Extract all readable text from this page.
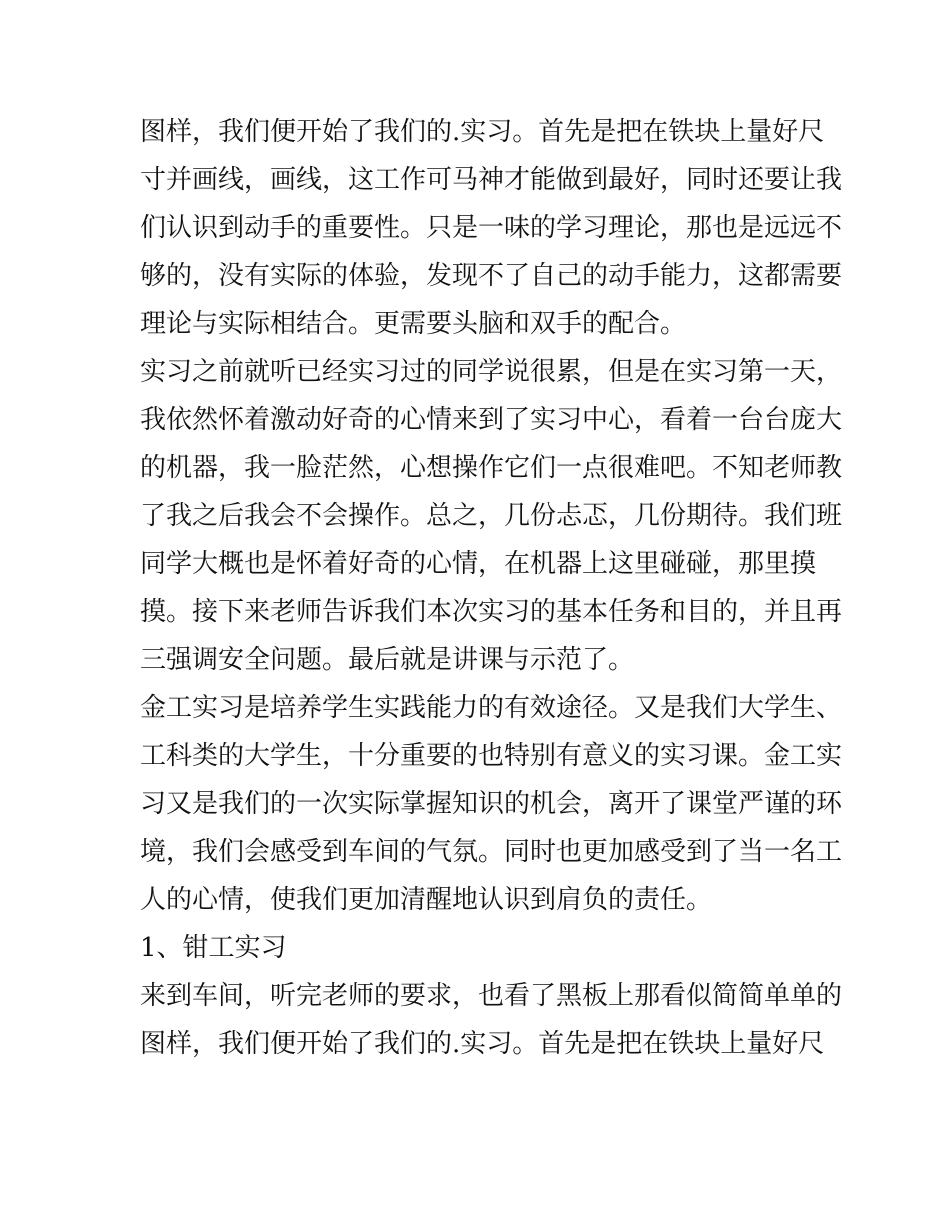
图样，我们便开始了我们的.实习。首先是把在铁块上量好尺

寸并画线，画线，这工作可马神才能做到最好，同时还要让我

们认识到动手的重要性。只是一味的学习理论，那也是远远不

够的，没有实际的体验，发现不了自己的动手能力，这都需要

理论与实际相结合。更需要头脑和双手的配合。

实习之前就听已经实习过的同学说很累，但是在实习第一天，

我依然怀着激动好奇的心情来到了实习中心，看着一台台庞大

的机器，我一脸茫然，心想操作它们一点很难吧。不知老师教

了我之后我会不会操作。总之，几份忐忑，几份期待。我们班

同学大概也是怀着好奇的心情，在机器上这里碰碰，那里摸

摸。接下来老师告诉我们本次实习的基本任务和目的，并且再

三强调安全问题。最后就是讲课与示范了。

金工实习是培养学生实践能力的有效途径。又是我们大学生、

工科类的大学生，十分重要的也特别有意义的实习课。金工实

习又是我们的一次实际掌握知识的机会，离开了课堂严谨的环

境，我们会感受到车间的气氛。同时也更加感受到了当一名工

人的心情，使我们更加清醒地认识到肩负的责任。

1、钳工实习

来到车间，听完老师的要求，也看了黑板上那看似简简单单的

图样，我们便开始了我们的.实习。首先是把在铁块上量好尺
